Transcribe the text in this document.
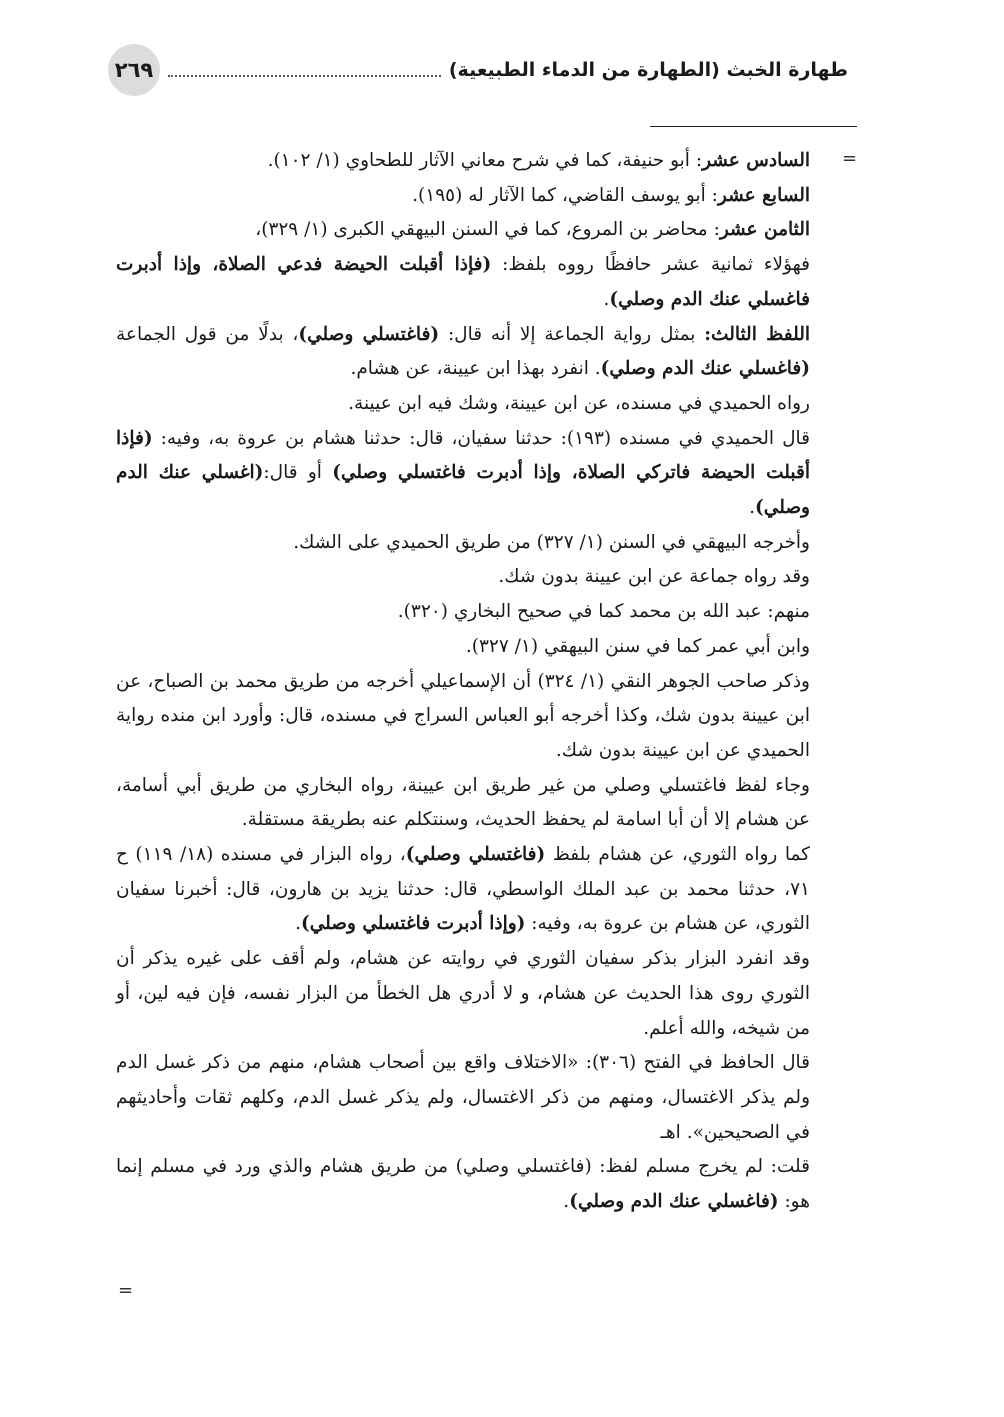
٢٦٩	طهارة الخبث (الطهارة من الدماء الطبيعية)
=
=

السادس عشر: أبو حنيفة، كما في شرح معاني الآثار للطحاوي (١/ ١٠٢).

السابع عشر: أبو يوسف القاضي، كما الآثار له (١٩٥).

الثامن عشر: محاضر بن المروع، كما في السنن البيهقي الكبرى (١/ ٣٢٩)،

فهؤلاء ثمانية عشر حافظًا رووه بلفظ: (فإذا أقبلت الحيضة فدعي الصلاة، وإذا أدبرت فاغسلي عنك الدم وصلي).

اللفظ الثالث: بمثل رواية الجماعة إلا أنه قال: (فاغتسلي وصلي)، بدلًا من قول الجماعة (فاغسلي عنك الدم وصلي). انفرد بهذا ابن عيينة، عن هشام.

رواه الحميدي في مسنده، عن ابن عيينة، وشك فيه ابن عيينة.

قال الحميدي في مسنده (١٩٣): حدثنا سفيان، قال: حدثنا هشام بن عروة به، وفيه: (فإذا أقبلت الحيضة فاتركي الصلاة، وإذا أدبرت فاغتسلي وصلي) أو قال:(اغسلي عنك الدم وصلي).

وأخرجه البيهقي في السنن (١/ ٣٢٧) من طريق الحميدي على الشك.

وقد رواه جماعة عن ابن عيينة بدون شك.

منهم: عبد الله بن محمد كما في صحيح البخاري (٣٢٠).

وابن أبي عمر كما في سنن البيهقي (١/ ٣٢٧).

وذكر صاحب الجوهر النقي (١/ ٣٢٤) أن الإسماعيلي أخرجه من طريق محمد بن الصباح، عن ابن عيينة بدون شك، وكذا أخرجه أبو العباس السراج في مسنده، قال: وأورد ابن منده رواية الحميدي عن ابن عيينة بدون شك.

وجاء لفظ فاغتسلي وصلي من غير طريق ابن عيينة، رواه البخاري من طريق أبي أسامة، عن هشام إلا أن أبا اسامة لم يحفظ الحديث، وسنتكلم عنه بطريقة مستقلة.

كما رواه الثوري، عن هشام بلفظ (فاغتسلي وصلي)، رواه البزار في مسنده (١٨/ ١١٩) ح ٧١، حدثنا محمد بن عبد الملك الواسطي، قال: حدثنا يزيد بن هارون، قال: أخبرنا سفيان الثوري، عن هشام بن عروة به، وفيه: (وإذا أدبرت فاغتسلي وصلي).

وقد انفرد البزار بذكر سفيان الثوري في روايته عن هشام، ولم أقف على غيره يذكر أن الثوري روى هذا الحديث عن هشام، و لا أدري هل الخطأ من البزار نفسه، فإن فيه لين، أو من شيخه، والله أعلم.

قال الحافظ في الفتح (٣٠٦): «الاختلاف واقع بين أصحاب هشام، منهم من ذكر غسل الدم ولم يذكر الاغتسال، ومنهم من ذكر الاغتسال، ولم يذكر غسل الدم، وكلهم ثقات وأحاديثهم في الصحيحين». اهـ

قلت: لم يخرج مسلم لفظ: (فاغتسلي وصلي) من طريق هشام والذي ورد في مسلم إنما هو: (فاغسلي عنك الدم وصلي).
